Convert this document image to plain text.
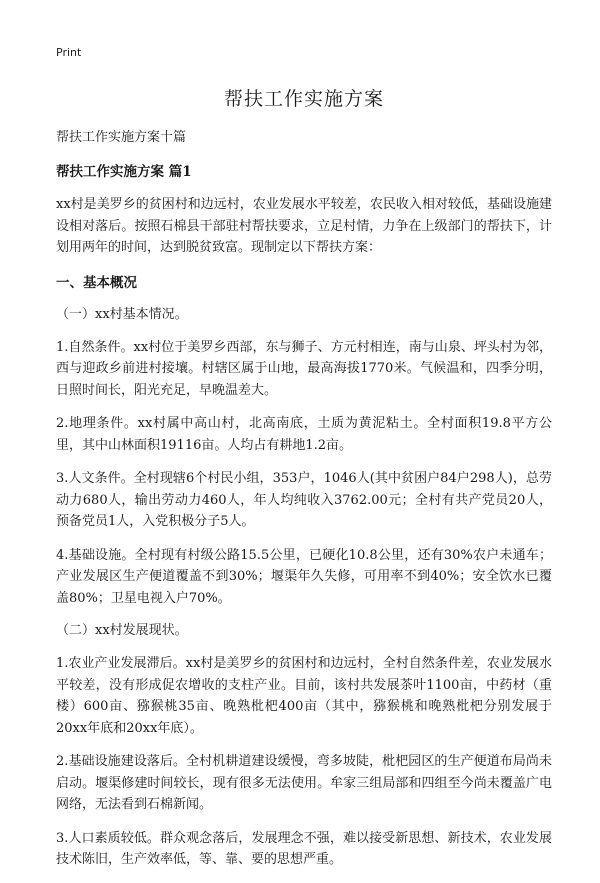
Print
帮扶工作实施方案
帮扶工作实施方案十篇
帮扶工作实施方案 篇1

xx村是美罗乡的贫困村和边远村，农业发展水平较差，农民收入相对较低，基础设施建设相对落后。按照石棉县干部驻村帮扶要求，立足村情，力争在上级部门的帮扶下，计划用两年的时间，达到脱贫致富。现制定以下帮扶方案：

一、基本概况
（一）xx村基本情况。

1.自然条件。xx村位于美罗乡西部，东与狮子、方元村相连，南与山泉、坪头村为邻，西与迎政乡前进村接壤。村辖区属于山地，最高海拔1770米。气候温和，四季分明，日照时间长，阳光充足，早晚温差大。

2.地理条件。xx村属中高山村，北高南底，土质为黄泥粘土。全村面积19.8平方公里，其中山林面积19116亩。人均占有耕地1.2亩。

3.人文条件。全村现辖6个村民小组，353户，1046人(其中贫困户84户298人)，总劳动力680人，输出劳动力460人，年人均纯收入3762.00元；全村有共产党员20人，预备党员1人，入党积极分子5人。

4.基础设施。全村现有村级公路15.5公里，已硬化10.8公里，还有30%农户未通车；产业发展区生产便道覆盖不到30%；堰渠年久失修，可用率不到40%；安全饮水已覆盖80%；卫星电视入户70%。

（二）xx村发展现状。

1.农业产业发展滞后。xx村是美罗乡的贫困村和边远村，全村自然条件差，农业发展水平较差，没有形成促农增收的支柱产业。目前，该村共发展茶叶1100亩，中药材（重楼）600亩、猕猴桃35亩、晚熟枇杷400亩（其中，猕猴桃和晚熟枇杷分别发展于20xx年底和20xx年底）。

2.基础设施建设落后。全村机耕道建设缓慢，弯多坡陡，枇杷园区的生产便道布局尚未启动。堰渠修建时间较长，现有很多无法使用。牟家三组局部和四组至今尚未覆盖广电网络，无法看到石棉新闻。

3.人口素质较低。群众观念落后，发展理念不强，难以接受新思想、新技术，农业发展技术陈旧，生产效率低，等、靠、要的思想严重。
